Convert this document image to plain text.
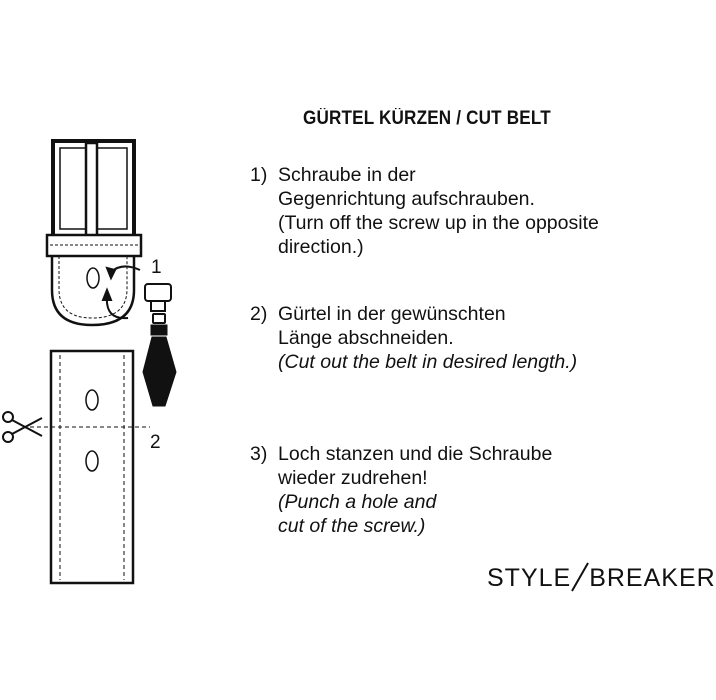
1
2
GÜRTEL KÜRZEN / CUT BELT
1) Schraube in der
Gegenrichtung aufschrauben.
(Turn off the screw up in the opposite
direction.)
2) Gürtel in der gewünschten
Länge abschneiden.
(Cut out the belt in desired length.)
3) Loch stanzen und die Schraube
wieder zudrehen!
(Punch a hole and
cut of the screw.)
STYLE BREAKER
